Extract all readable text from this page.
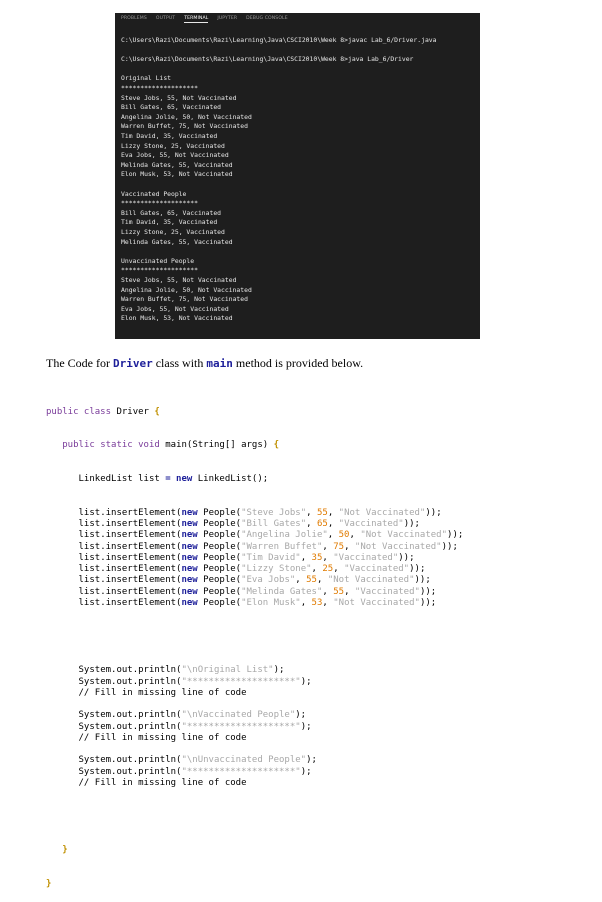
PROBLEMS OUTPUT TERMINAL JUPYTER DEBUG CONSOLE
C:\Users\Razi\Documents\Razi\Learning\Java\CSCI2010\Week 8>javac Lab_6/Driver.java
C:\Users\Razi\Documents\Razi\Learning\Java\CSCI2010\Week 8>java Lab_6/Driver
Original List
********************
Steve Jobs, 55, Not Vaccinated
Bill Gates, 65, Vaccinated
Angelina Jolie, 50, Not Vaccinated
Warren Buffet, 75, Not Vaccinated
Tim David, 35, Vaccinated
Lizzy Stone, 25, Vaccinated
Eva Jobs, 55, Not Vaccinated
Melinda Gates, 55, Vaccinated
Elon Musk, 53, Not Vaccinated
Vaccinated People
********************
Bill Gates, 65, Vaccinated
Tim David, 35, Vaccinated
Lizzy Stone, 25, Vaccinated
Melinda Gates, 55, Vaccinated
Unvaccinated People
********************
Steve Jobs, 55, Not Vaccinated
Angelina Jolie, 50, Not Vaccinated
Warren Buffet, 75, Not Vaccinated
Eva Jobs, 55, Not Vaccinated
Elon Musk, 53, Not Vaccinated
The Code for Driver class with main method is provided below.

public class Driver {

public static void main(String[] args) {

LinkedList list = new LinkedList();

list.insertElement(new People("Steve Jobs", 55, "Not Vaccinated"));
list.insertElement(new People("Bill Gates", 65, "Vaccinated"));
list.insertElement(new People("Angelina Jolie", 50, "Not Vaccinated"));
list.insertElement(new People("Warren Buffet", 75, "Not Vaccinated"));
list.insertElement(new People("Tim David", 35, "Vaccinated"));
list.insertElement(new People("Lizzy Stone", 25, "Vaccinated"));
list.insertElement(new People("Eva Jobs", 55, "Not Vaccinated"));
list.insertElement(new People("Melinda Gates", 55, "Vaccinated"));
list.insertElement(new People("Elon Musk", 53, "Not Vaccinated"));

System.out.println("\nOriginal List");
System.out.println("********************");
// Fill in missing line of code
System.out.println("\nVaccinated People");
System.out.println("********************");
// Fill in missing line of code
System.out.println("\nUnvaccinated People");
System.out.println("********************");
// Fill in missing line of code

}

}
